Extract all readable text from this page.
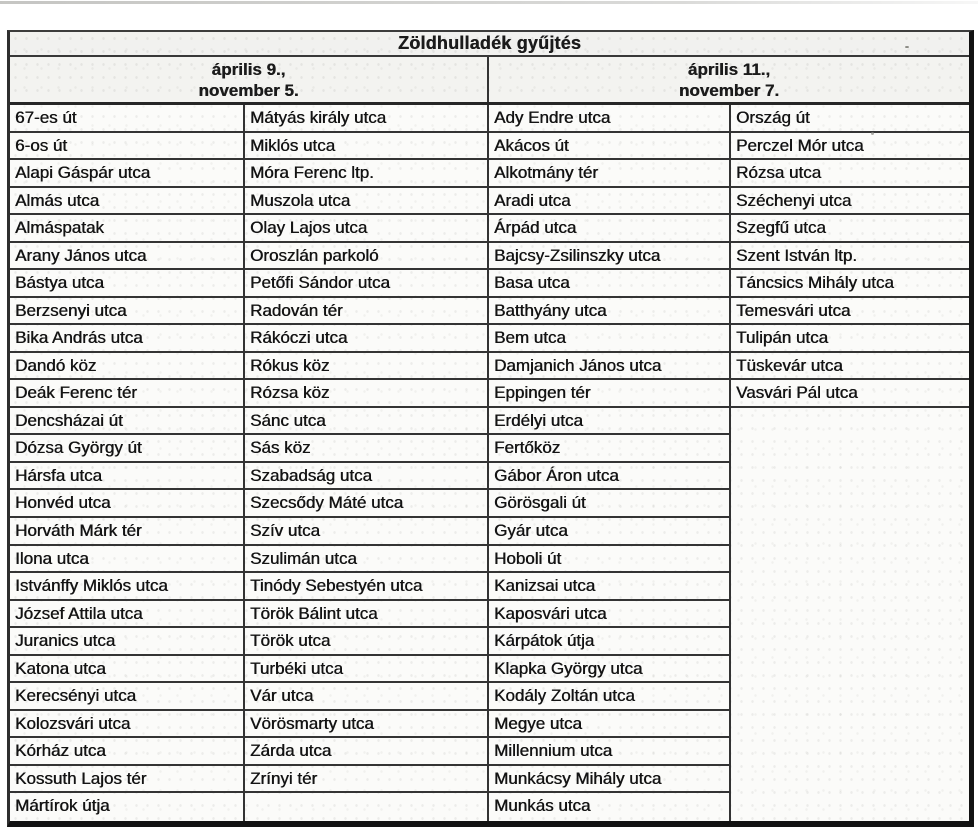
Zöldhulladék gyűjtés
április 9.,
november 5.
április 11.,
november 7.
67-es út
6-os út
Alapi Gáspár utca
Almás utca
Almáspatak
Arany János utca
Bástya utca
Berzsenyi utca
Bika András utca
Dandó köz
Deák Ferenc tér
Dencsházai út
Dózsa György út
Hársfa utca
Honvéd utca
Horváth Márk tér
Ilona utca
Istvánffy Miklós utca
József Attila utca
Juranics utca
Katona utca
Kerecsényi utca
Kolozsvári utca
Kórház utca
Kossuth Lajos tér
Mártírok útja
Mátyás király utca
Miklós utca
Móra Ferenc ltp.
Muszola utca
Olay Lajos utca
Oroszlán parkoló
Petőfi Sándor utca
Radován tér
Rákóczi utca
Rókus köz
Rózsa köz
Sánc utca
Sás köz
Szabadság utca
Szecsődy Máté utca
Szív utca
Szulimán utca
Tinódy Sebestyén utca
Török Bálint utca
Török utca
Turbéki utca
Vár utca
Vörösmarty utca
Zárda utca
Zrínyi tér
Ady Endre utca
Akácos út
Alkotmány tér
Aradi utca
Árpád utca
Bajcsy-Zsilinszky utca
Basa utca
Batthyány utca
Bem utca
Damjanich János utca
Eppingen tér
Erdélyi utca
Fertőköz
Gábor Áron utca
Görösgali út
Gyár utca
Hoboli út
Kanizsai utca
Kaposvári utca
Kárpátok útja
Klapka György utca
Kodály Zoltán utca
Megye utca
Millennium utca
Munkácsy Mihály utca
Munkás utca
Ország út
Perczel Mór utca
Rózsa utca
Széchenyi utca
Szegfű utca
Szent István ltp.
Táncsics Mihály utca
Temesvári utca
Tulipán utca
Tüskevár utca
Vasvári Pál utca
